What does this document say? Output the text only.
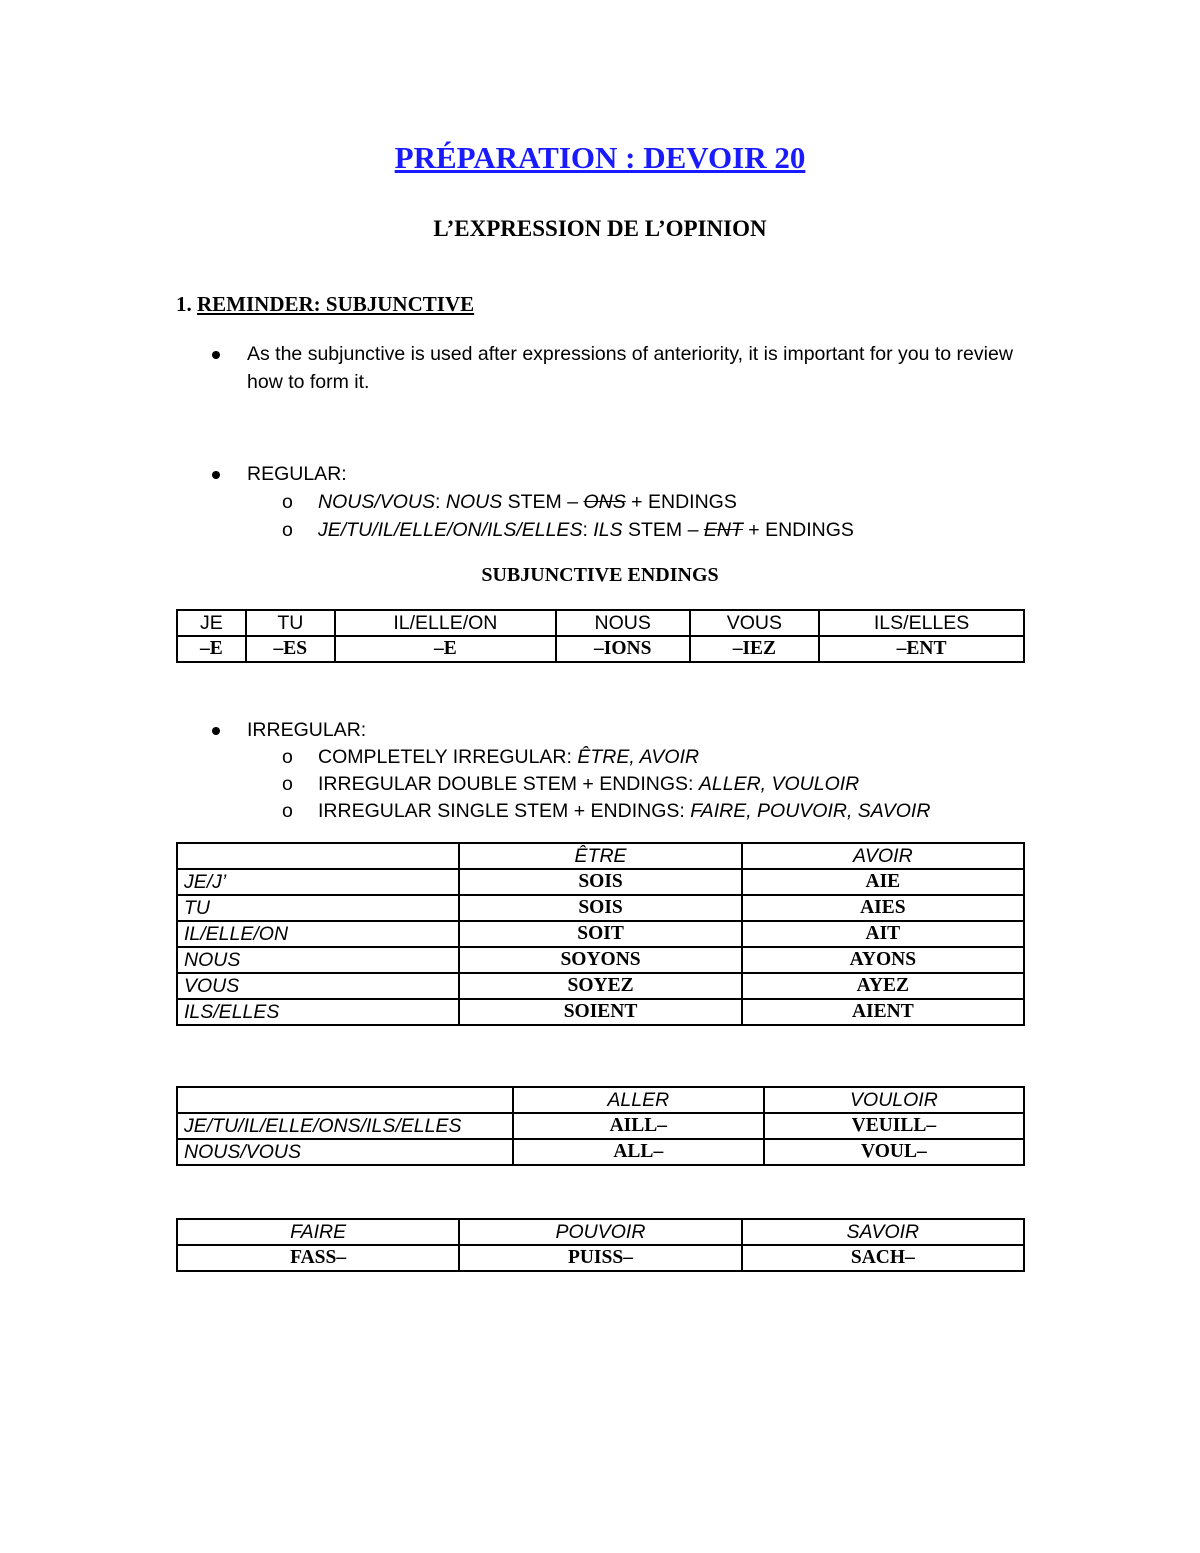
PRÉPARATION : DEVOIR 20
L’EXPRESSION DE L’OPINION
1. REMINDER: SUBJUNCTIVE
As the subjunctive is used after expressions of anteriority, it is important for you to review how to form it.
REGULAR:
o NOUS/VOUS: NOUS STEM – ONS + ENDINGS
o JE/TU/IL/ELLE/ON/ILS/ELLES: ILS STEM – ENT + ENDINGS
SUBJUNCTIVE ENDINGS
JE	TU	IL/ELLE/ON	NOUS	VOUS	ILS/ELLES
–E	–ES	–E	–IONS	–IEZ	–ENT
IRREGULAR:
o COMPLETELY IRREGULAR: ÊTRE, AVOIR
o IRREGULAR DOUBLE STEM + ENDINGS: ALLER, VOULOIR
o IRREGULAR SINGLE STEM + ENDINGS: FAIRE, POUVOIR, SAVOIR
	ÊTRE	AVOIR
JE/J’	SOIS	AIE
TU	SOIS	AIES
IL/ELLE/ON	SOIT	AIT
NOUS	SOYONS	AYONS
VOUS	SOYEZ	AYEZ
ILS/ELLES	SOIENT	AIENT
	ALLER	VOULOIR
JE/TU/IL/ELLE/ONS/ILS/ELLES	AILL–	VEUILL–
NOUS/VOUS	ALL–	VOUL–
FAIRE	POUVOIR	SAVOIR
FASS–	PUISS–	SACH–
